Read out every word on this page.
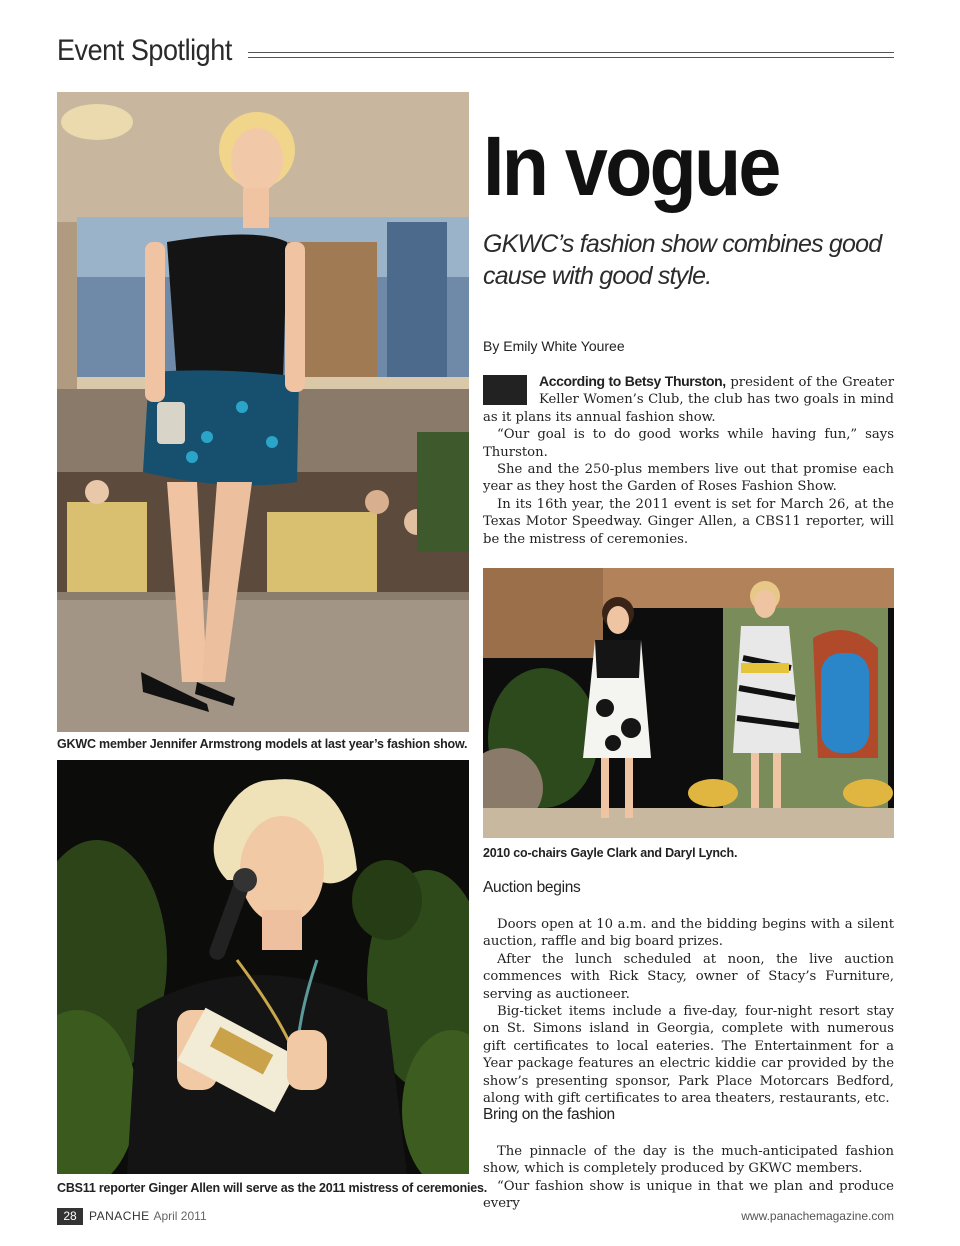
Event Spotlight
GKWC member Jennifer Armstrong models at last year’s fashion show.
CBS11 reporter Ginger Allen will serve as the 2011 mistress of ceremonies.
In vogue
GKWC’s fashion show combines good cause with good style.
By Emily White Youree

According to Betsy Thurston, president of the Greater Keller Women’s Club, the club has two goals in mind as it plans its annual fashion show.

“Our goal is to do good works while having fun,” says Thurston.

She and the 250-plus members live out that promise each year as they host the Garden of Roses Fashion Show.

In its 16th year, the 2011 event is set for March 26, at the Texas Motor Speedway. Ginger Allen, a CBS11 reporter, will be the mistress of ceremonies.

2010 co-chairs Gayle Clark and Daryl Lynch.
Auction begins

Doors open at 10 a.m. and the bidding begins with a silent auction, raffle and big board prizes.

After the lunch scheduled at noon, the live auction commences with Rick Stacy, owner of Stacy’s Furniture, serving as auctioneer.

Big-ticket items include a five-day, four-night resort stay on St. Simons island in Georgia, complete with numerous gift certificates to local eateries. The Entertainment for a Year package features an electric kiddie car provided by the show’s presenting sponsor, Park Place Motorcars Bedford, along with gift certificates to area theaters, restaurants, etc.

Bring on the fashion

The pinnacle of the day is the much-anticipated fashion show, which is completely produced by GKWC members.

“Our fashion show is unique in that we plan and produce every

28	PANACHE April 2011	www.panachemagazine.com
